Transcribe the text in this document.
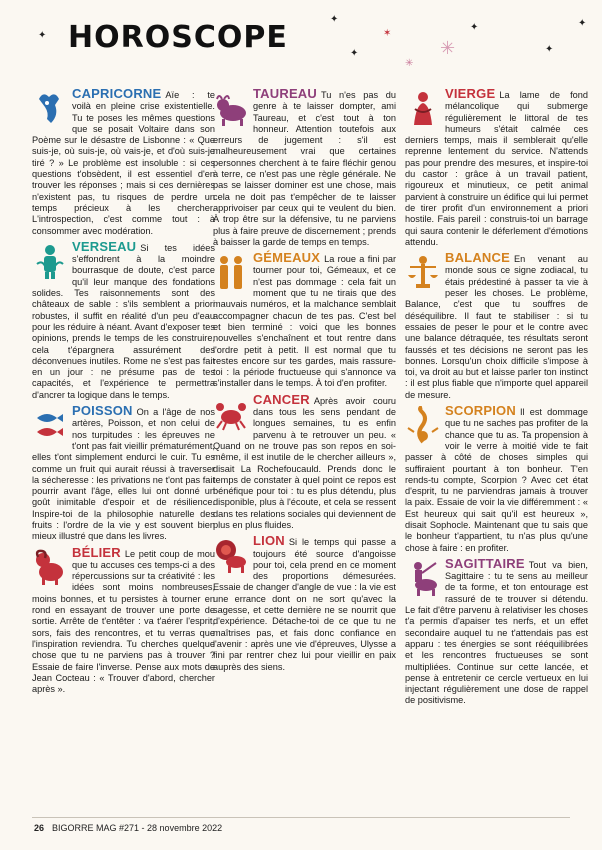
HOROSCOPE
✦
✦
✦
✶
✳
✳
✦
✦
✦
CAPRICORNE Aïe : te voilà en pleine crise existentielle. Tu te poses les mêmes questions que se posait Voltaire dans son Poème sur le désastre de Lisbonne : « Que suis-je, où suis-je, où vais-je, et d'où suis-je tiré ? » Le problème est insoluble : si ces questions t'obsèdent, il est essentiel d'en trouver les réponses ; mais si ces dernières n'existent pas, tu risques de perdre un temps précieux à les chercher. L'introspection, c'est comme tout : à consommer avec modération.
VERSEAU Si tes idées s'effondrent à la moindre bourrasque de doute, c'est parce qu'il leur manque des fondations solides. Tes raisonnements sont des châteaux de sable : s'ils semblent a priori robustes, il suffit en réalité d'un peu d'eau pour les réduire à néant. Avant d'exposer tes opinions, prends le temps de les construire, cela t'épargnera assurément des déconvenues inutiles. Rome ne s'est pas fait en un jour : ne présume pas de tes capacités, et l'expérience te permettra d'ancrer ta logique dans le temps.
POISSON On a l'âge de nos artères, Poisson, et non celui de nos turpitudes : les épreuves ne t'ont pas fait vieillir prématurément, elles t'ont simplement endurci le cuir. Tu es comme un fruit qui aurait réussi à traverser la sécheresse : les privations ne t'ont pas fait pourrir avant l'âge, elles lui ont donné un goût inimitable d'espoir et de résilience. Inspire-toi de la philosophie naturelle des fruits : l'ordre de la vie y est souvent bien mieux illustré que dans les livres.
BÉLIER Le petit coup de mou que tu accuses ces temps-ci a des répercussions sur ta créativité : les idées sont moins nombreuses, moins bonnes, et tu persistes à tourner en rond en essayant de trouver une porte de sortie. Arrête de t'entêter : va t'aérer l'esprit, sors, fais des rencontres, et tu verras que l'inspiration reviendra. Tu cherches quelque chose que tu ne parviens pas à trouver ? Essaie de faire l'inverse. Pense aux mots de Jean Cocteau : « Trouver d'abord, chercher après ».
TAUREAU Tu n'es pas du genre à te laisser dompter, ami Taureau, et c'est tout à ton honneur. Attention toutefois aux erreurs de jugement : s'il est malheureusement vrai que certaines personnes cherchent à te faire fléchir genou à terre, ce n'est pas une règle générale. Ne pas se laisser dominer est une chose, mais cela ne doit pas t'empêcher de te laisser apprivoiser par ceux qui te veulent du bien. À trop être sur la défensive, tu ne parviens plus à faire preuve de discernement ; prends à baisser la garde de temps en temps.
GÉMEAUX La roue a fini par tourner pour toi, Gémeaux, et ce n'est pas dommage : cela fait un moment que tu ne tirais que des mauvais numéros, et la malchance semblait accompagner chacun de tes pas. C'est bel et bien terminé : voici que les bonnes nouvelles s'enchaînent et tout rentre dans l'ordre petit à petit. Il est normal que tu restes encore sur tes gardes, mais rassure-toi : la période fructueuse qui s'annonce va s'installer dans le temps. À toi d'en profiter.
CANCER Après avoir couru dans tous les sens pendant de longues semaines, tu es enfin parvenu à te retrouver un peu. « Quand on ne trouve pas son repos en soi-même, il est inutile de le chercher ailleurs », disait La Rochefoucauld. Prends donc le temps de constater à quel point ce repos est bénéfique pour toi : tu es plus détendu, plus disponible, plus à l'écoute, et cela se ressent dans tes relations sociales qui deviennent de plus en plus fluides.
LION Si le temps qui passe a toujours été source d'angoisse pour toi, cela prend en ce moment des proportions démesurées. Essaie de changer d'angle de vue : la vie est une errance dont on ne sort qu'avec la sagesse, et cette dernière ne se nourrit que d'expérience. Détache-toi de ce que tu ne maîtrises pas, et fais donc confiance en l'avenir : après une vie d'épreuves, Ulysse a fini par rentrer chez lui pour vieillir en paix auprès des siens.
VIERGE La lame de fond mélancolique qui submerge régulièrement le littoral de tes humeurs s'était calmée ces derniers temps, mais il semblerait qu'elle reprenne lentement du service. N'attends pas pour prendre des mesures, et inspire-toi du castor : grâce à un travail patient, rigoureux et minutieux, ce petit animal parvient à construire un édifice qui lui permet de tirer profit d'un environnement a priori hostile. Fais pareil : construis-toi un barrage qui saura contenir le déferlement d'émotions attendu.
BALANCE En venant au monde sous ce signe zodiacal, tu étais prédestiné à passer ta vie à peser les choses. Le problème, Balance, c'est que tu souffres de déséquilibre. Il faut te stabiliser : si tu essaies de peser le pour et le contre avec une balance détraquée, tes résultats seront faussés et tes décisions ne seront pas les bonnes. Lorsqu'un choix difficile s'impose à toi, va droit au but et laisse parler ton instinct : il est plus fiable que n'importe quel appareil de mesure.
SCORPION Il est dommage que tu ne saches pas profiter de la chance que tu as. Ta propension à voir le verre à moitié vide te fait passer à côté de choses simples qui suffiraient pourtant à ton bonheur. T'en rends-tu compte, Scorpion ? Avec cet état d'esprit, tu ne parviendras jamais à trouver la paix. Essaie de voir la vie différemment : « Est heureux qui sait qu'il est heureux », disait Sophocle. Maintenant que tu sais que le bonheur t'appartient, tu n'as plus qu'une chose à faire : en profiter.
SAGITTAIRE Tout va bien, Sagittaire : tu te sens au meilleur de ta forme, et ton entourage est rassuré de te trouver si détendu. Le fait d'être parvenu à relativiser les choses t'a permis d'apaiser tes nerfs, et un effet secondaire auquel tu ne t'attendais pas est apparu : tes énergies se sont rééquilibrées et les rencontres fructueuses se sont multipliées. Continue sur cette lancée, et pense à entretenir ce cercle vertueux en lui injectant régulièrement une dose de rappel de positivisme.
26 BIGORRE MAG #271 - 28 novembre 2022
